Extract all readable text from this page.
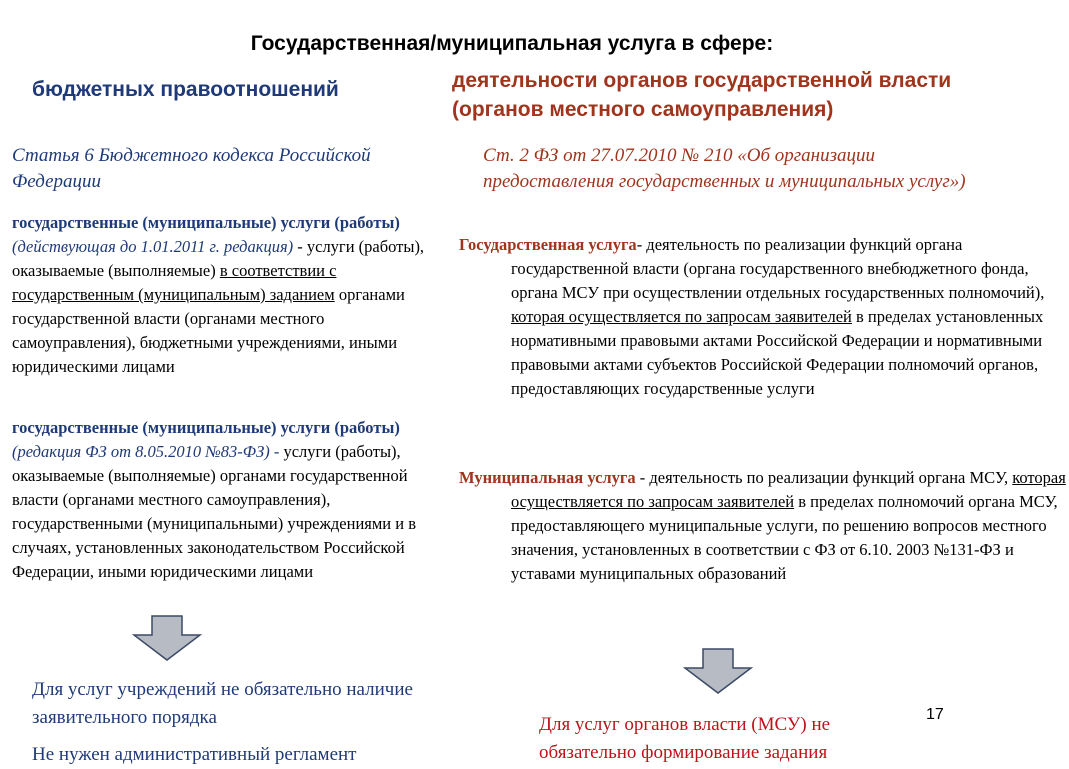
Государственная/муниципальная услуга в сфере:
бюджетных правоотношений	деятельности органов государственной власти (органов местного самоуправления)
Статья 6 Бюджетного кодекса Российской Федерации
Ст. 2 ФЗ от 27.07.2010 № 210 «Об организации предоставления государственных и муниципальных услуг»)
государственные (муниципальные) услуги (работы) (действующая до 1.01.2011 г. редакция) - услуги (работы), оказываемые (выполняемые) в соответствии с государственным (муниципальным) заданием органами государственной власти (органами местного самоуправления), бюджетными учреждениями, иными юридическими лицами
государственные (муниципальные) услуги (работы) (редакция ФЗ от 8.05.2010 №83-ФЗ) - услуги (работы), оказываемые (выполняемые) органами государственной власти (органами местного самоуправления), государственными (муниципальными) учреждениями и в случаях, установленных законодательством Российской Федерации, иными юридическими лицами
Государственная услуга- деятельность по реализации функций органа государственной власти (органа государственного внебюджетного фонда, органа МСУ при осуществлении отдельных государственных полномочий), которая осуществляется по запросам заявителей в пределах установленных нормативными правовыми актами Российской Федерации и нормативными правовыми актами субъектов Российской Федерации полномочий органов, предоставляющих государственные услуги
Муниципальная услуга - деятельность по реализации функций органа МСУ, которая осуществляется по запросам заявителей в пределах полномочий органа МСУ, предоставляющего муниципальные услуги, по решению вопросов местного значения, установленных в соответствии с ФЗ от 6.10. 2003 №131-ФЗ и уставами муниципальных образований
Для услуг учреждений не обязательно наличие заявительного порядка
Не нужен административный регламент
Для услуг органов власти (МСУ) не обязательно формирование задания
17
